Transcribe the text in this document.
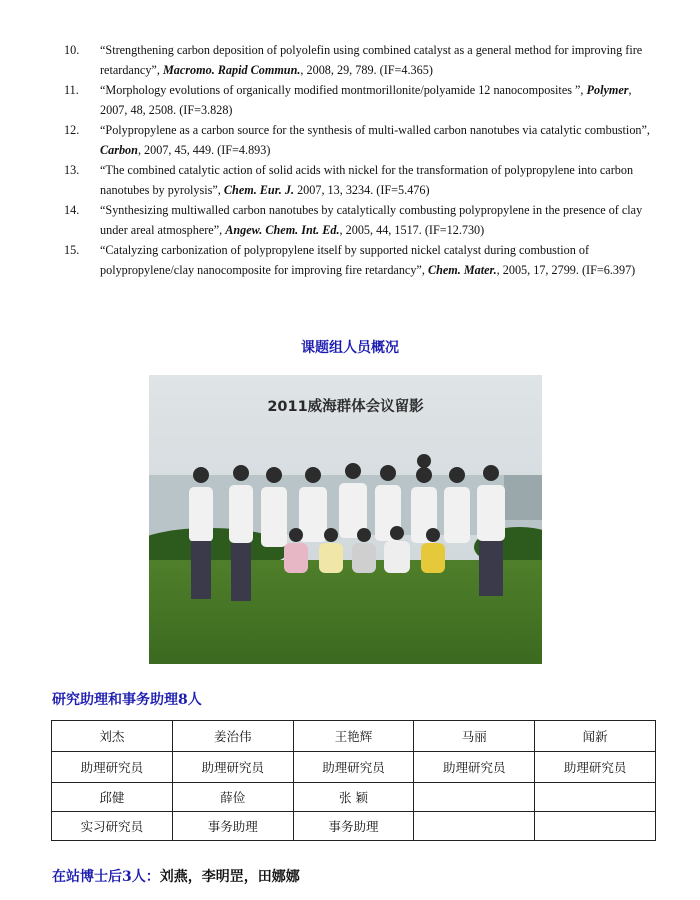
10.	“Strengthening carbon deposition of polyolefin using combined catalyst as a general method for improving fire retardancy”, Macromo. Rapid Commun., 2008, 29, 789. (IF=4.365)
11.	“Morphology evolutions of organically modified montmorillonite/polyamide 12 nanocomposites ”, Polymer, 2007, 48, 2508. (IF=3.828)
12.	“Polypropylene as a carbon source for the synthesis of multi-walled carbon nanotubes via catalytic combustion”, Carbon, 2007, 45, 449. (IF=4.893)
13.	“The combined catalytic action of solid acids with nickel for the transformation of polypropylene into carbon nanotubes by pyrolysis”, Chem. Eur. J. 2007, 13, 3234. (IF=5.476)
14.	“Synthesizing multiwalled carbon nanotubes by catalytically combusting polypropylene in the presence of clay under areal atmosphere”, Angew. Chem. Int. Ed., 2005, 44, 1517. (IF=12.730)
15.	“Catalyzing carbonization of polypropylene itself by supported nickel catalyst during combustion of polypropylene/clay nanocomposite for improving fire retardancy”, Chem. Mater., 2005, 17, 2799. (IF=6.397)
课题组人员概况
2011威海群体会议留影
研究助理和事务助理8人
刘杰	姜治伟	王艳辉	马丽	闻新
助理研究员	助理研究员	助理研究员	助理研究员	助理研究员
邱健	薛俭	张 颖		
实习研究员	事务助理	事务助理		
在站博士后3人：刘燕，李明罡，田娜娜
